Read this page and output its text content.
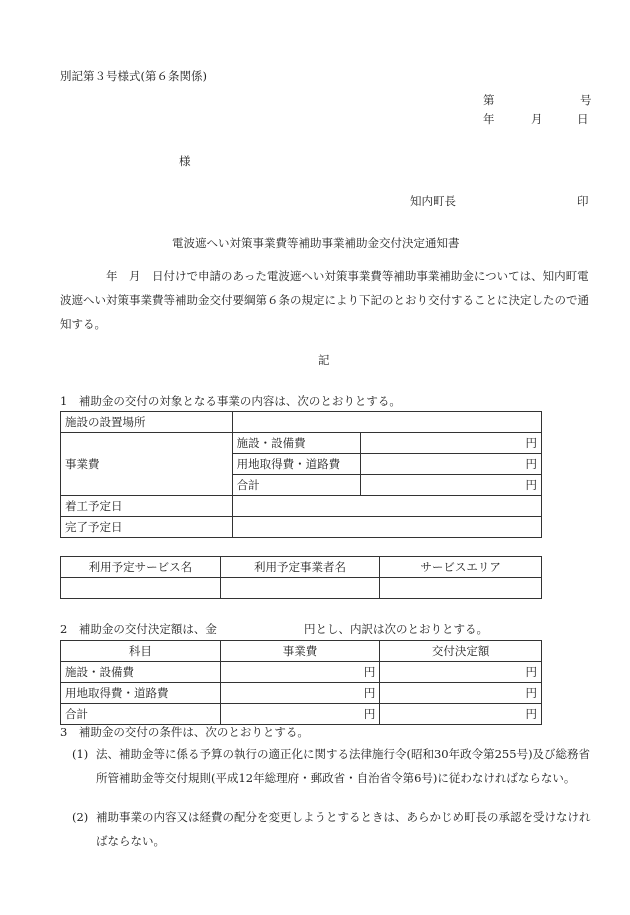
別記第３号様式(第６条関係)
第	号
年	月	日
様
知内町長	印
電波遮へい対策事業費等補助事業補助金交付決定通知書
年　月　日付けで申請のあった電波遮へい対策事業費等補助事業補助金については、知内町電波遮へい対策事業費等補助金交付要綱第６条の規定により下記のとおり交付することに決定したので通知する。
記
1　補助金の交付の対象となる事業の内容は、次のとおりとする。
施設の設置場所		
事業費	施設・設備費	円
	用地取得費・道路費	円
	合計	円
着工予定日		
完了予定日		
利用予定サービス名	利用予定事業者名	サービスエリア

2　補助金の交付決定額は、金	円とし、内訳は次のとおりとする。
科目	事業費	交付決定額
施設・設備費	円	円
用地取得費・道路費	円	円
合計	円	円
3　補助金の交付の条件は、次のとおりとする。
(1) 法、補助金等に係る予算の執行の適正化に関する法律施行令(昭和30年政令第255号)及び総務省所管補助金等交付規則(平成12年総理府・郵政省・自治省令第6号)に従わなければならない。
(2) 補助事業の内容又は経費の配分を変更しようとするときは、あらかじめ町長の承認を受けなければならない。
